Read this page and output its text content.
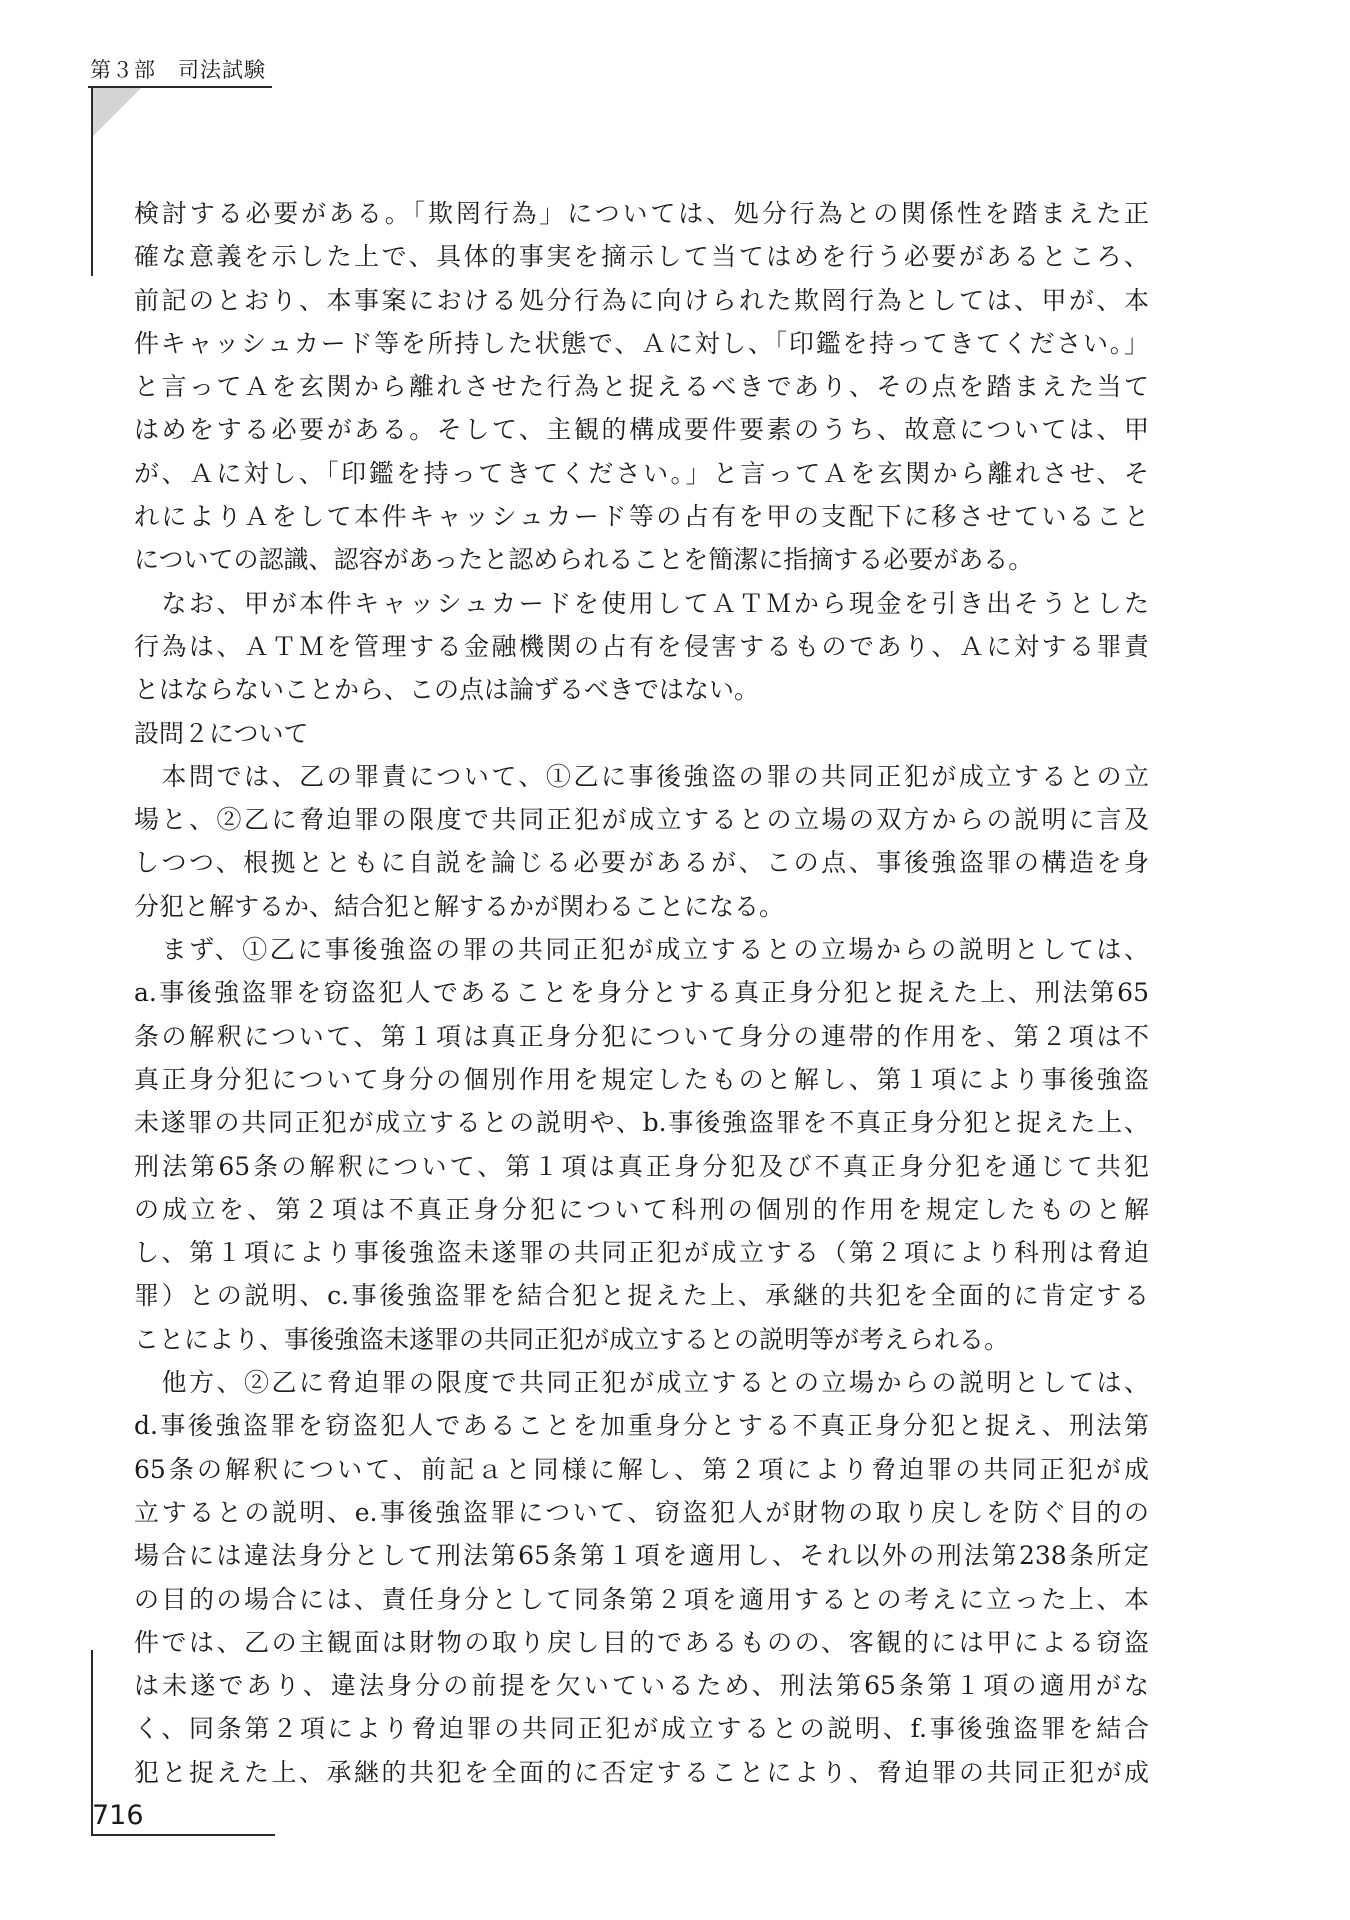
第３部　司法試験
検討する必要がある。「欺罔行為」については、処分行為との関係性を踏まえた正
確な意義を示した上で、具体的事実を摘示して当てはめを行う必要があるところ、
前記のとおり、本事案における処分行為に向けられた欺罔行為としては、甲が、本
件キャッシュカード等を所持した状態で、Ａに対し、「印鑑を持ってきてください。」
と言ってＡを玄関から離れさせた行為と捉えるべきであり、その点を踏まえた当て
はめをする必要がある。そして、主観的構成要件要素のうち、故意については、甲
が、Ａに対し、「印鑑を持ってきてください。」と言ってＡを玄関から離れさせ、そ
れによりＡをして本件キャッシュカード等の占有を甲の支配下に移させていること
についての認識、認容があったと認められることを簡潔に指摘する必要がある。
　なお、甲が本件キャッシュカードを使用してＡＴＭから現金を引き出そうとした
行為は、ＡＴＭを管理する金融機関の占有を侵害するものであり、Ａに対する罪責
とはならないことから、この点は論ずるべきではない。
設問２について
　本問では、乙の罪責について、①乙に事後強盗の罪の共同正犯が成立するとの立
場と、②乙に脅迫罪の限度で共同正犯が成立するとの立場の双方からの説明に言及
しつつ、根拠とともに自説を論じる必要があるが、この点、事後強盗罪の構造を身
分犯と解するか、結合犯と解するかが関わることになる。
　まず、①乙に事後強盗の罪の共同正犯が成立するとの立場からの説明としては、
a.事後強盗罪を窃盗犯人であることを身分とする真正身分犯と捉えた上、刑法第65
条の解釈について、第１項は真正身分犯について身分の連帯的作用を、第２項は不
真正身分犯について身分の個別作用を規定したものと解し、第１項により事後強盗
未遂罪の共同正犯が成立するとの説明や、b.事後強盗罪を不真正身分犯と捉えた上、
刑法第65条の解釈について、第１項は真正身分犯及び不真正身分犯を通じて共犯
の成立を、第２項は不真正身分犯について科刑の個別的作用を規定したものと解
し、第１項により事後強盗未遂罪の共同正犯が成立する（第２項により科刑は脅迫
罪）との説明、c.事後強盗罪を結合犯と捉えた上、承継的共犯を全面的に肯定する
ことにより、事後強盗未遂罪の共同正犯が成立するとの説明等が考えられる。
　他方、②乙に脅迫罪の限度で共同正犯が成立するとの立場からの説明としては、
d.事後強盗罪を窃盗犯人であることを加重身分とする不真正身分犯と捉え、刑法第
65条の解釈について、前記ａと同様に解し、第２項により脅迫罪の共同正犯が成
立するとの説明、e.事後強盗罪について、窃盗犯人が財物の取り戻しを防ぐ目的の
場合には違法身分として刑法第65条第１項を適用し、それ以外の刑法第238条所定
の目的の場合には、責任身分として同条第２項を適用するとの考えに立った上、本
件では、乙の主観面は財物の取り戻し目的であるものの、客観的には甲による窃盗
は未遂であり、違法身分の前提を欠いているため、刑法第65条第１項の適用がな
く、同条第２項により脅迫罪の共同正犯が成立するとの説明、f.事後強盗罪を結合
犯と捉えた上、承継的共犯を全面的に否定することにより、脅迫罪の共同正犯が成
716
